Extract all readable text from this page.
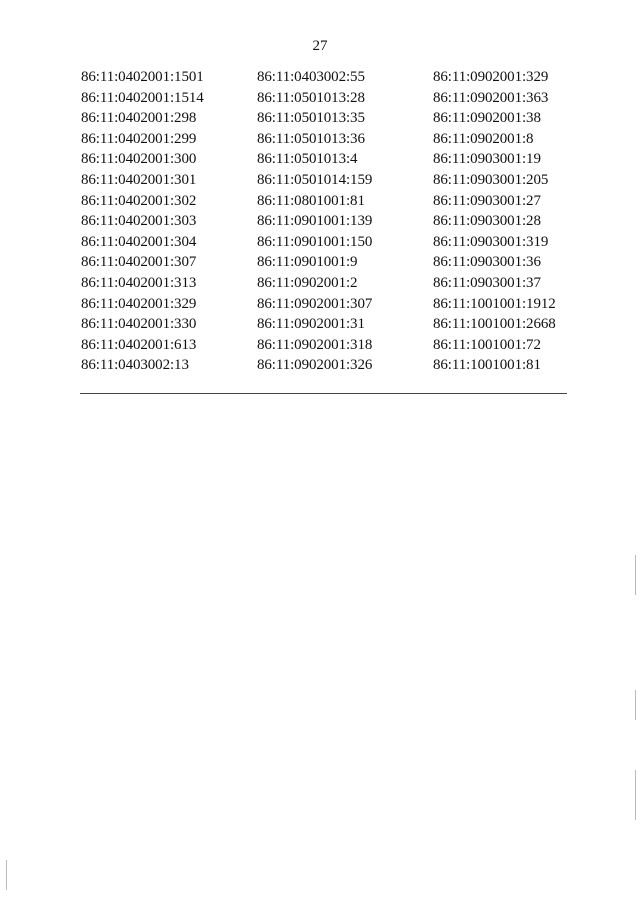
27
86:11:0402001:1501
86:11:0402001:1514
86:11:0402001:298
86:11:0402001:299
86:11:0402001:300
86:11:0402001:301
86:11:0402001:302
86:11:0402001:303
86:11:0402001:304
86:11:0402001:307
86:11:0402001:313
86:11:0402001:329
86:11:0402001:330
86:11:0402001:613
86:11:0403002:13
86:11:0403002:55
86:11:0501013:28
86:11:0501013:35
86:11:0501013:36
86:11:0501013:4
86:11:0501014:159
86:11:0801001:81
86:11:0901001:139
86:11:0901001:150
86:11:0901001:9
86:11:0902001:2
86:11:0902001:307
86:11:0902001:31
86:11:0902001:318
86:11:0902001:326
86:11:0902001:329
86:11:0902001:363
86:11:0902001:38
86:11:0902001:8
86:11:0903001:19
86:11:0903001:205
86:11:0903001:27
86:11:0903001:28
86:11:0903001:319
86:11:0903001:36
86:11:0903001:37
86:11:1001001:1912
86:11:1001001:2668
86:11:1001001:72
86:11:1001001:81
